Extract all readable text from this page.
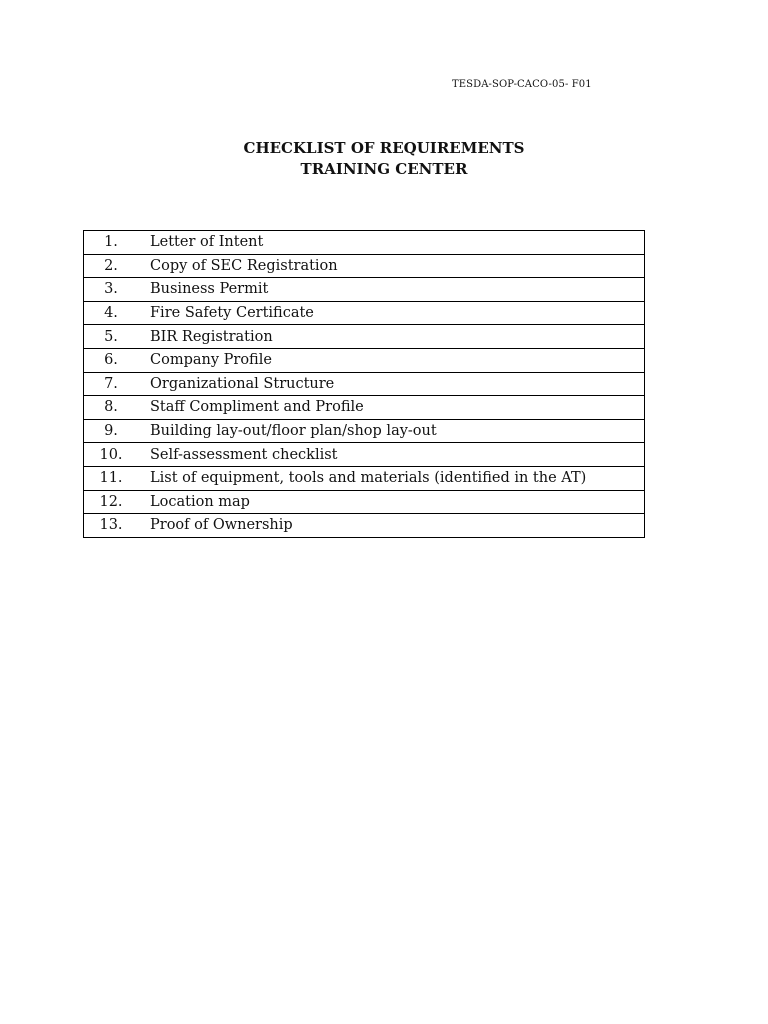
TESDA-SOP-CACO-05- F01
CHECKLIST OF REQUIREMENTS
TRAINING CENTER
1.	Letter of Intent
2.	Copy of SEC Registration
3.	Business Permit
4.	Fire Safety Certificate
5.	BIR Registration
6.	Company Profile
7.	Organizational Structure
8.	Staff Compliment and Profile
9.	Building lay-out/floor plan/shop lay-out
10.	Self-assessment checklist
11.	List of equipment, tools and materials (identified in the AT)
12.	Location map
13.	Proof of Ownership
